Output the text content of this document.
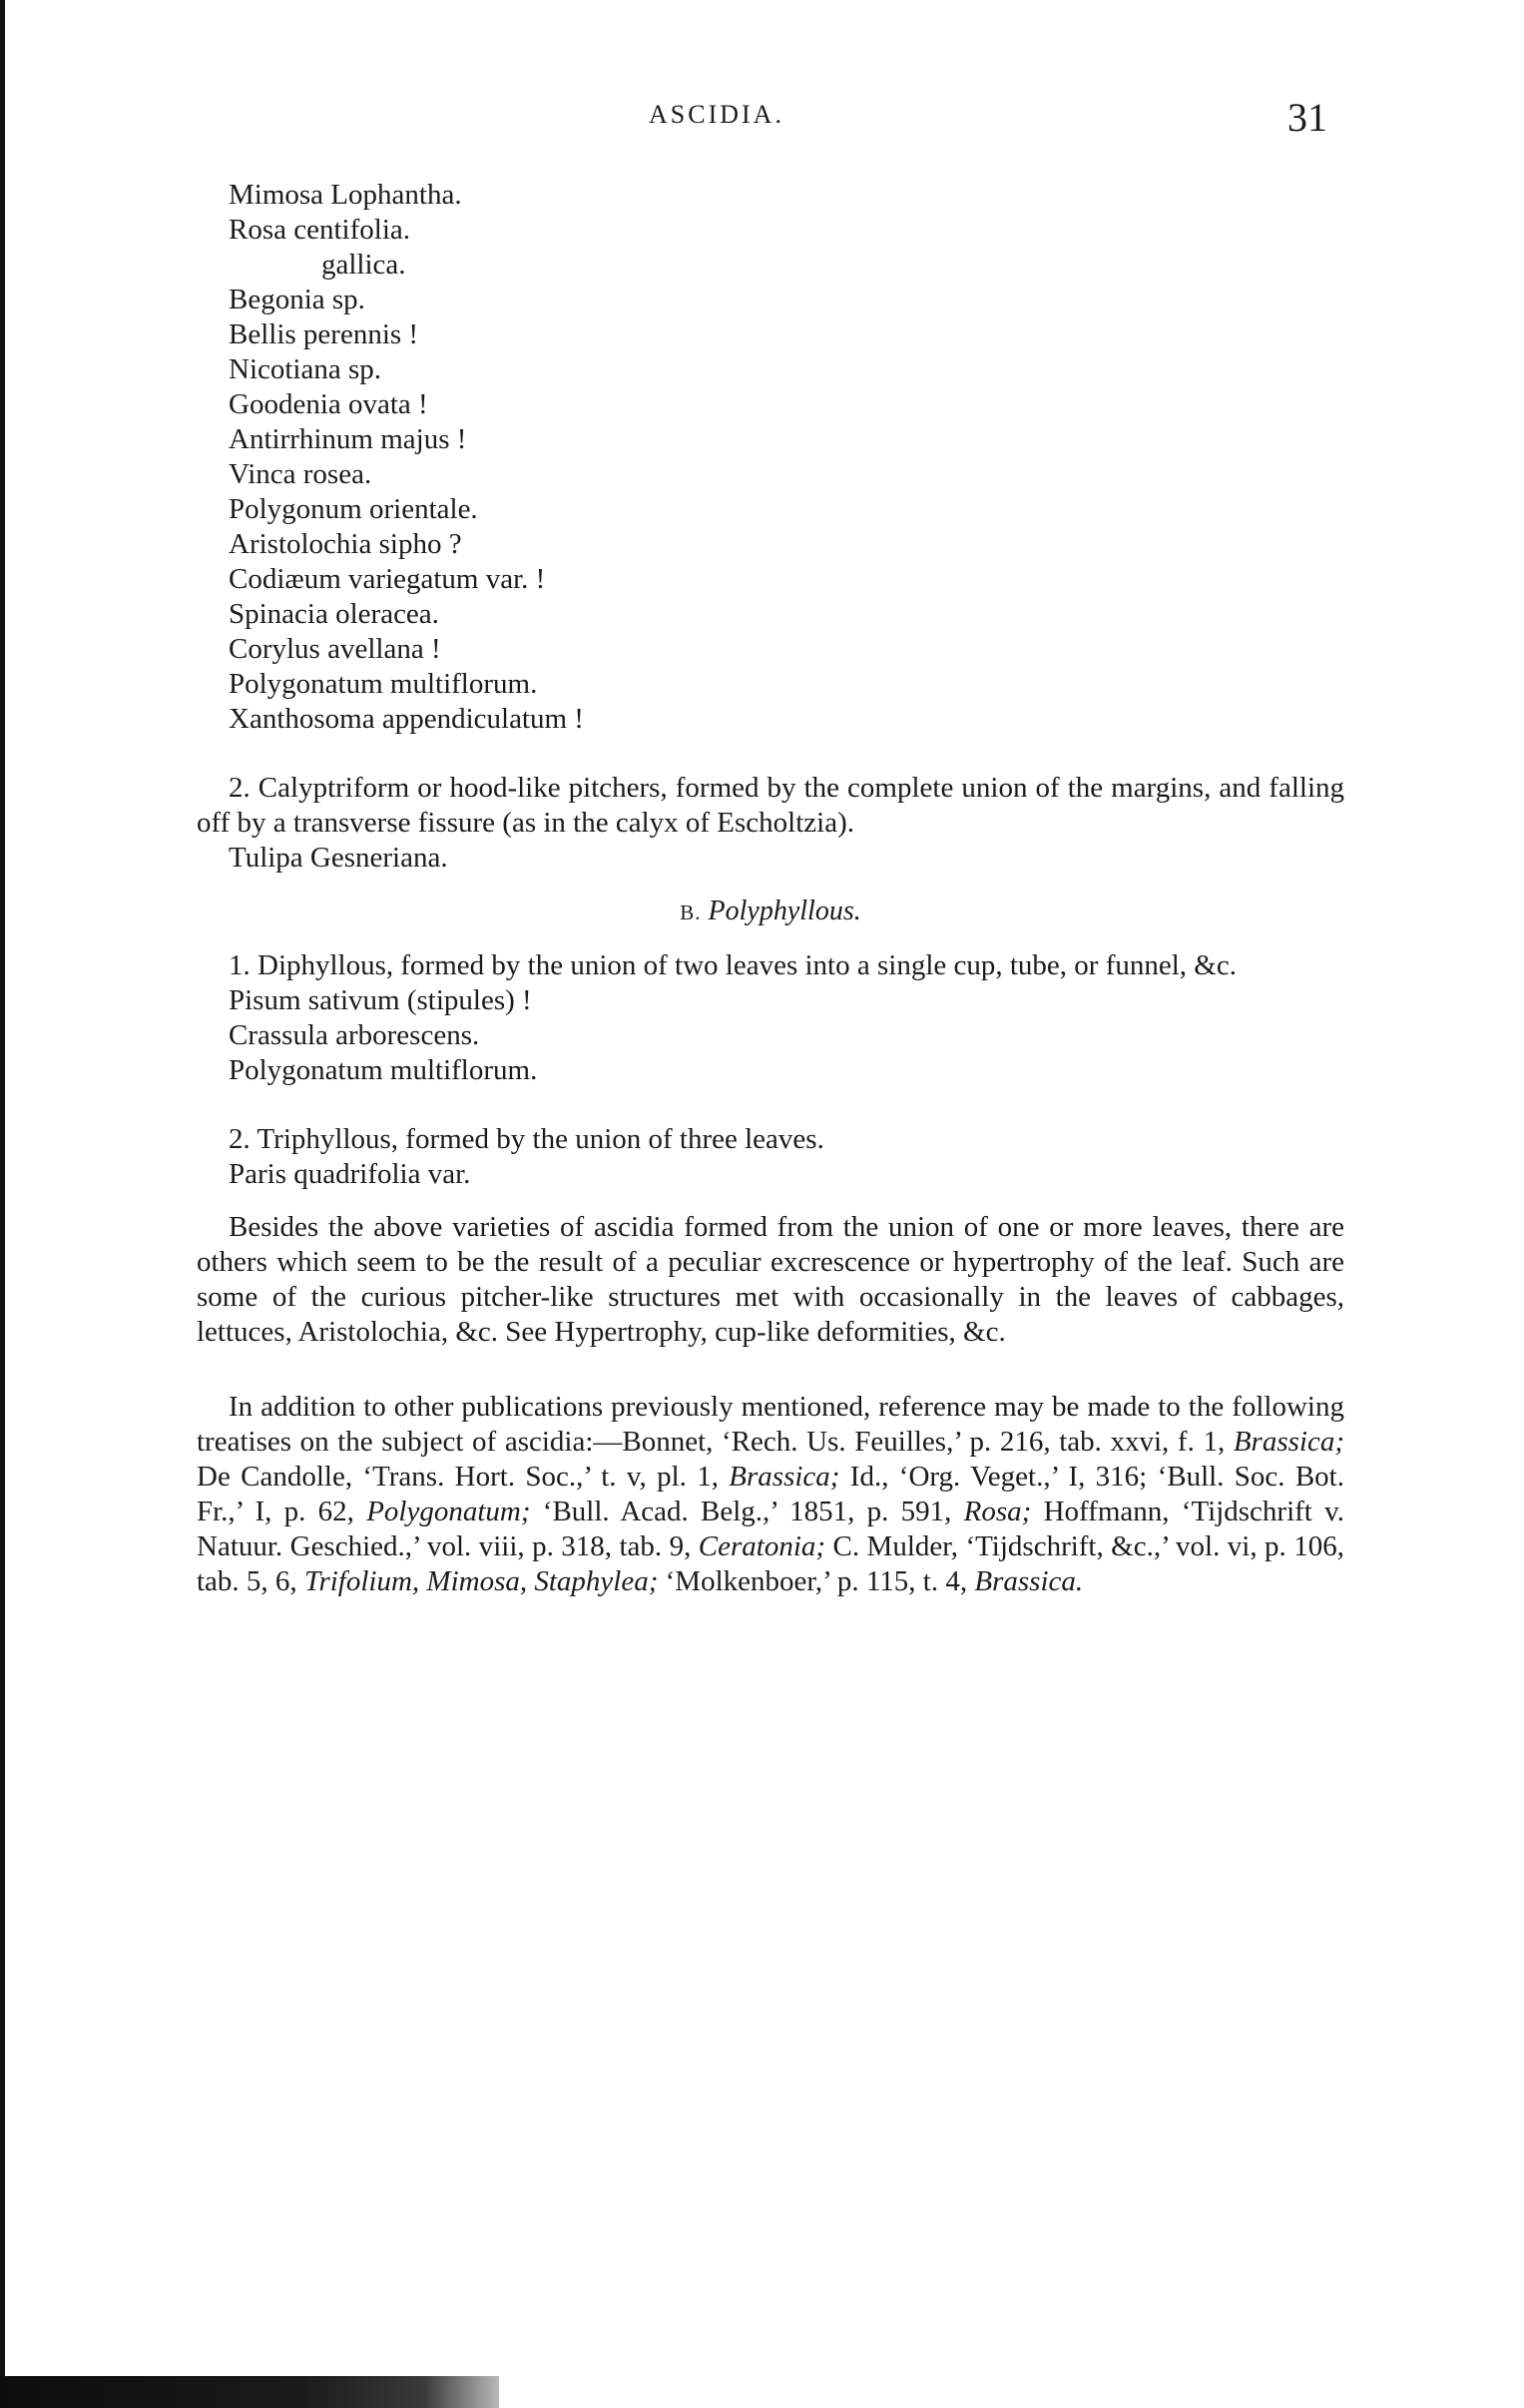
ASCIDIA.	31
Mimosa Lophantha.
Rosa centifolia.
gallica.
Begonia sp.
Bellis perennis !
Nicotiana sp.
Goodenia ovata !
Antirrhinum majus !
Vinca rosea.
Polygonum orientale.
Aristolochia sipho ?
Codiæum variegatum var. !
Spinacia oleracea.
Corylus avellana !
Polygonatum multiflorum.
Xanthosoma appendiculatum !

2. Calyptriform or hood-like pitchers, formed by the complete union of the margins, and falling off by a transverse fissure (as in the calyx of Escholtzia).

Tulipa Gesneriana.

B. Polyphyllous.

1. Diphyllous, formed by the union of two leaves into a single cup, tube, or funnel, &c.

Pisum sativum (stipules) !
Crassula arborescens.
Polygonatum multiflorum.

2. Triphyllous, formed by the union of three leaves.

Paris quadrifolia var.

Besides the above varieties of ascidia formed from the union of one or more leaves, there are others which seem to be the result of a peculiar excrescence or hypertrophy of the leaf. Such are some of the curious pitcher-like structures met with occasionally in the leaves of cabbages, lettuces, Aristolochia, &c. See Hypertrophy, cup-like deformities, &c.

In addition to other publications previously mentioned, reference may be made to the following treatises on the subject of ascidia:—Bonnet, ‘Rech. Us. Feuilles,’ p. 216, tab. xxvi, f. 1, Brassica; De Candolle, ‘Trans. Hort. Soc.,’ t. v, pl. 1, Brassica; Id., ‘Org. Veget.,’ I, 316; ‘Bull. Soc. Bot. Fr.,’ I, p. 62, Polygonatum; ‘Bull. Acad. Belg.,’ 1851, p. 591, Rosa; Hoffmann, ‘Tijdschrift v. Natuur. Geschied.,’ vol. viii, p. 318, tab. 9, Ceratonia; C. Mulder, ‘Tijdschrift, &c.,’ vol. vi, p. 106, tab. 5, 6, Trifolium, Mimosa, Staphylea; ‘Molkenboer,’ p. 115, t. 4, Brassica.
